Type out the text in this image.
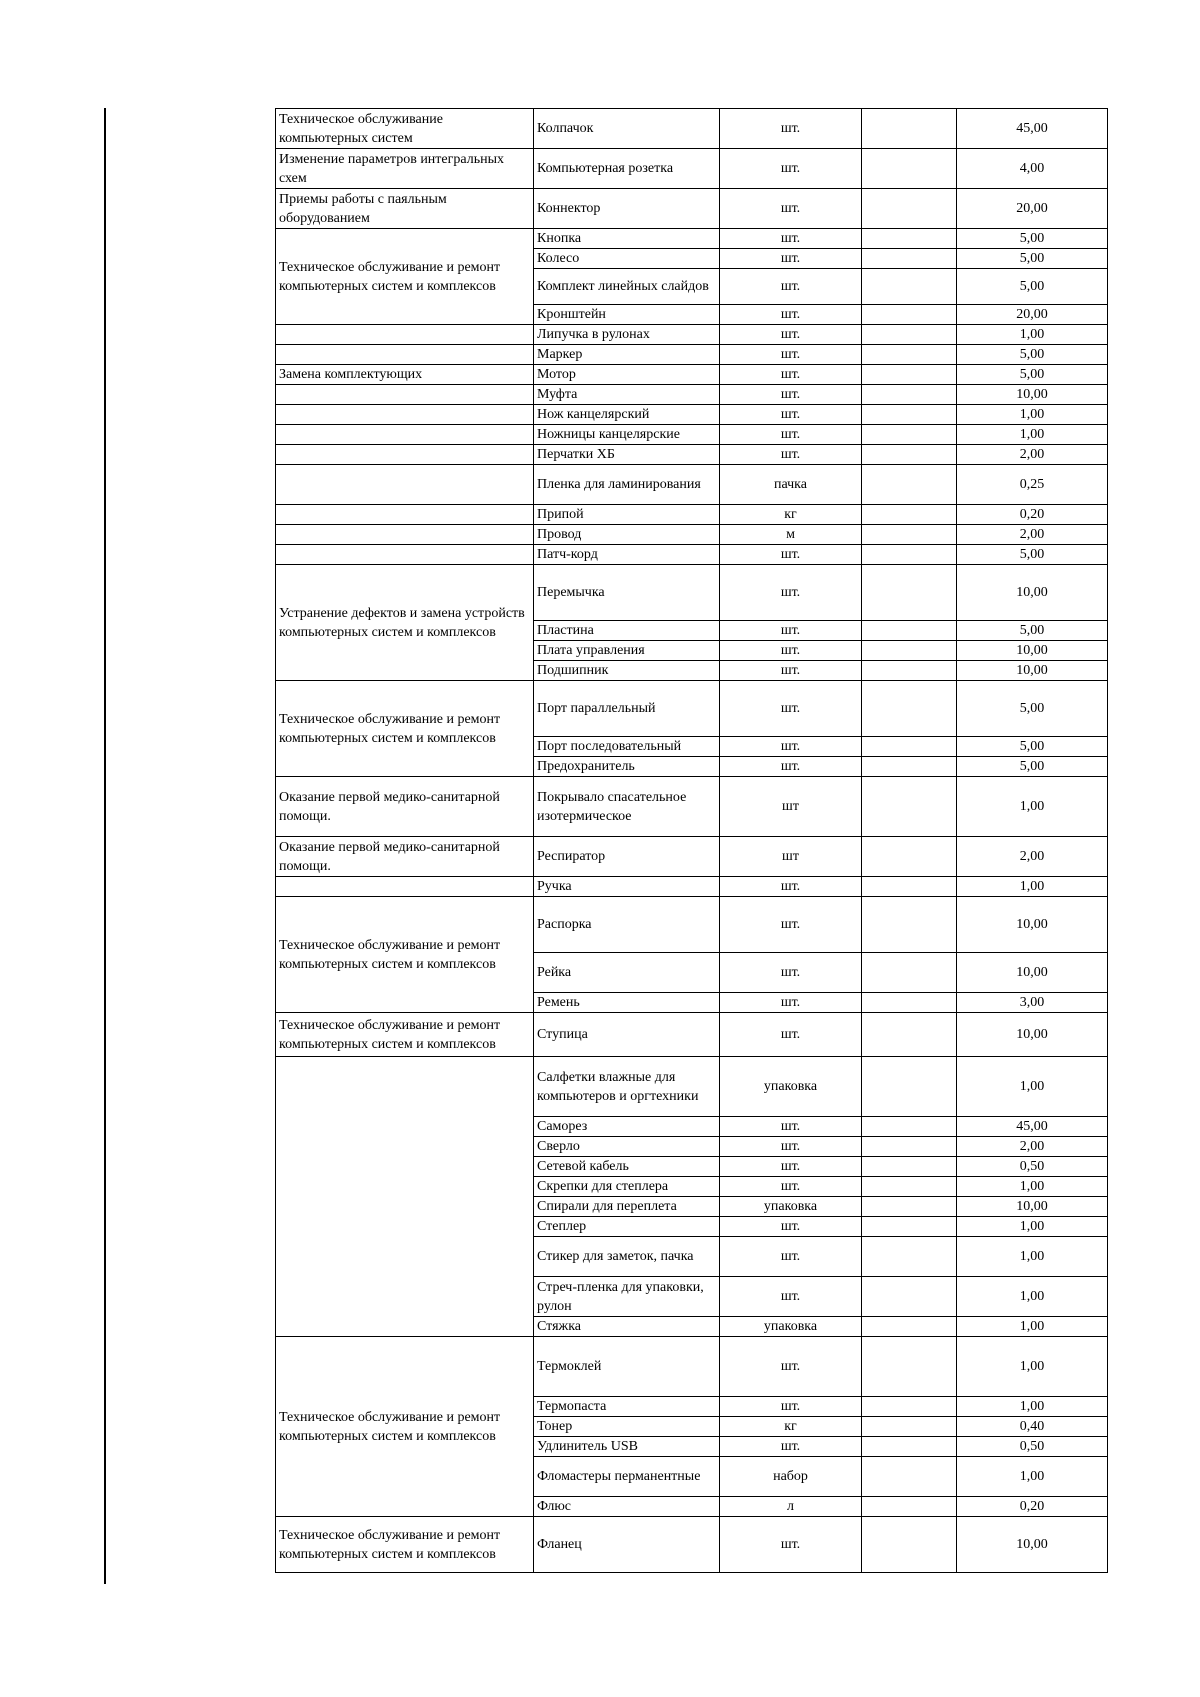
Техническое обслуживание компьютерных систем	Колпачок	шт.		45,00
Изменение параметров интегральных схем	Компьютерная розетка	шт.		4,00
Приемы работы с паяльным оборудованием	Коннектор	шт.		20,00
Техническое обслуживание и ремонт компьютерных систем и комплексов	Кнопка	шт.		5,00
	Колесо	шт.		5,00
	Комплект линейных слайдов	шт.		5,00
	Кронштейн	шт.		20,00
	Липучка в рулонах	шт.		1,00
	Маркер	шт.		5,00
Замена комплектующих	Мотор	шт.		5,00
	Муфта	шт.		10,00
	Нож канцелярский	шт.		1,00
	Ножницы канцелярские	шт.		1,00
	Перчатки ХБ	шт.		2,00
	Пленка для ламинирования	пачка		0,25
	Припой	кг		0,20
	Провод	м		2,00
	Патч-корд	шт.		5,00
Устранение дефектов и замена устройств компьютерных систем и комплексов	Перемычка	шт.		10,00
	Пластина	шт.		5,00
	Плата управления	шт.		10,00
	Подшипник	шт.		10,00
Техническое обслуживание и ремонт компьютерных систем и комплексов	Порт параллельный	шт.		5,00
	Порт последовательный	шт.		5,00
	Предохранитель	шт.		5,00
Оказание первой медико-санитарной помощи.	Покрывало спасательное изотермическое	шт		1,00
Оказание первой медико-санитарной помощи.	Респиратор	шт		2,00
	Ручка	шт.		1,00
Техническое обслуживание и ремонт компьютерных систем и комплексов	Распорка	шт.		10,00
	Рейка	шт.		10,00
	Ремень	шт.		3,00
Техническое обслуживание и ремонт компьютерных систем и комплексов	Ступица	шт.		10,00
	Салфетки влажные для компьютеров и оргтехники	упаковка		1,00
	Саморез	шт.		45,00
	Сверло	шт.		2,00
	Сетевой кабель	шт.		0,50
	Скрепки для степлера	шт.		1,00
	Спирали для переплета	упаковка		10,00
	Степлер	шт.		1,00
	Стикер для заметок, пачка	шт.		1,00
	Стреч-пленка для упаковки, рулон	шт.		1,00
	Стяжка	упаковка		1,00
Техническое обслуживание и ремонт компьютерных систем и комплексов	Термоклей	шт.		1,00
	Термопаста	шт.		1,00
	Тонер	кг		0,40
	Удлинитель USB	шт.		0,50
	Фломастеры перманентные	набор		1,00
	Флюс	л		0,20
Техническое обслуживание и ремонт компьютерных систем и комплексов	Фланец	шт.		10,00
